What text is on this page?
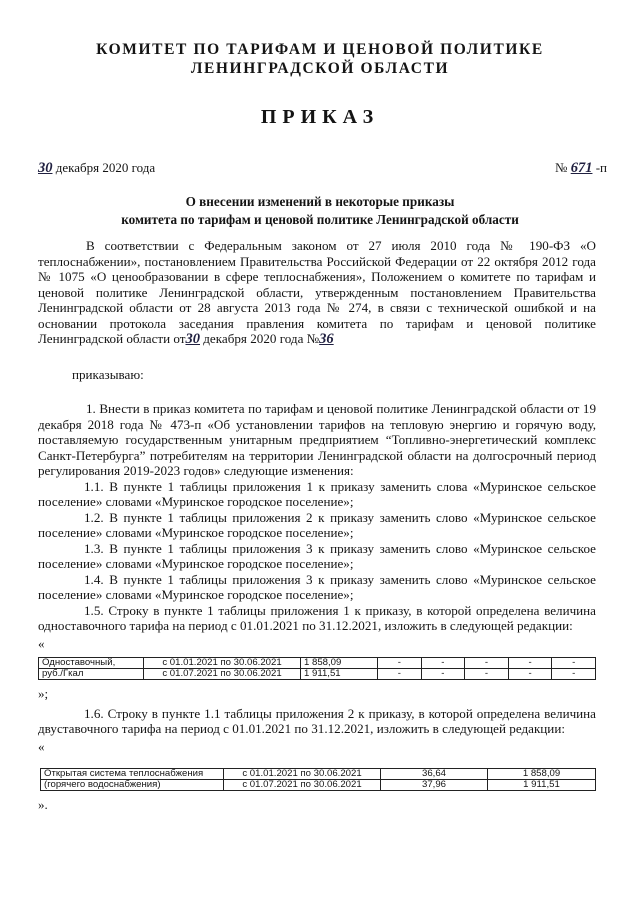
КОМИТЕТ ПО ТАРИФАМ И ЦЕНОВОЙ ПОЛИТИКЕ
ЛЕНИНГРАДСКОЙ ОБЛАСТИ
ПРИКАЗ
30 декабря 2020 года	№ 671 -п
О внесении изменений в некоторые приказы
комитета по тарифам и ценовой политике Ленинградской области

В соответствии с Федеральным законом от 27 июля 2010 года № 190-ФЗ «О теплоснабжении», постановлением Правительства Российской Федерации от 22 октября 2012 года № 1075 «О ценообразовании в сфере теплоснабжения», Положением о комитете по тарифам и ценовой политике Ленинградской области, утвержденным постановлением Правительства Ленинградской области от 28 августа 2013 года № 274, в связи с технической ошибкой и на основании протокола заседания правления комитета по тарифам и ценовой политике Ленинградской области от30 декабря 2020 года №36

приказываю:

1. Внести в приказ комитета по тарифам и ценовой политике Ленинградской области от 19 декабря 2018 года № 473-п «Об установлении тарифов на тепловую энергию и горячую воду, поставляемую государственным унитарным предприятием “Топливно-энергетический комплекс Санкт-Петербурга” потребителям на территории Ленинградской области на долгосрочный период регулирования 2019-2023 годов» следующие изменения:

1.1. В пункте 1 таблицы приложения 1 к приказу заменить слова «Муринское сельское поселение» словами «Муринское городское поселение»;

1.2. В пункте 1 таблицы приложения 2 к приказу заменить слово «Муринское сельское поселение» словами «Муринское городское поселение»;

1.3. В пункте 1 таблицы приложения 3 к приказу заменить слово «Муринское сельское поселение» словами «Муринское городское поселение»;

1.4. В пункте 1 таблицы приложения 3 к приказу заменить слово «Муринское сельское поселение» словами «Муринское городское поселение»;

1.5. Строку в пункте 1 таблицы приложения 1 к приказу, в которой определена величина одноставочного тарифа на период с 01.01.2021 по 31.12.2021, изложить в следующей редакции:

«

Одноставочный,	с 01.01.2021 по 30.06.2021	1 858,09	-	-	-	-	-
руб./Гкал	с 01.07.2021 по 30.06.2021	1 911,51	-	-	-	-	-

»;

1.6. Строку в пункте 1.1 таблицы приложения 2 к приказу, в которой определена величина двуставочного тарифа на период с 01.01.2021 по 31.12.2021, изложить в следующей редакции:

«

Открытая система теплоснабжения	с 01.01.2021 по 30.06.2021	36,64	1 858,09
(горячего водоснабжения)	с 01.07.2021 по 30.06.2021	37,96	1 911,51

».
